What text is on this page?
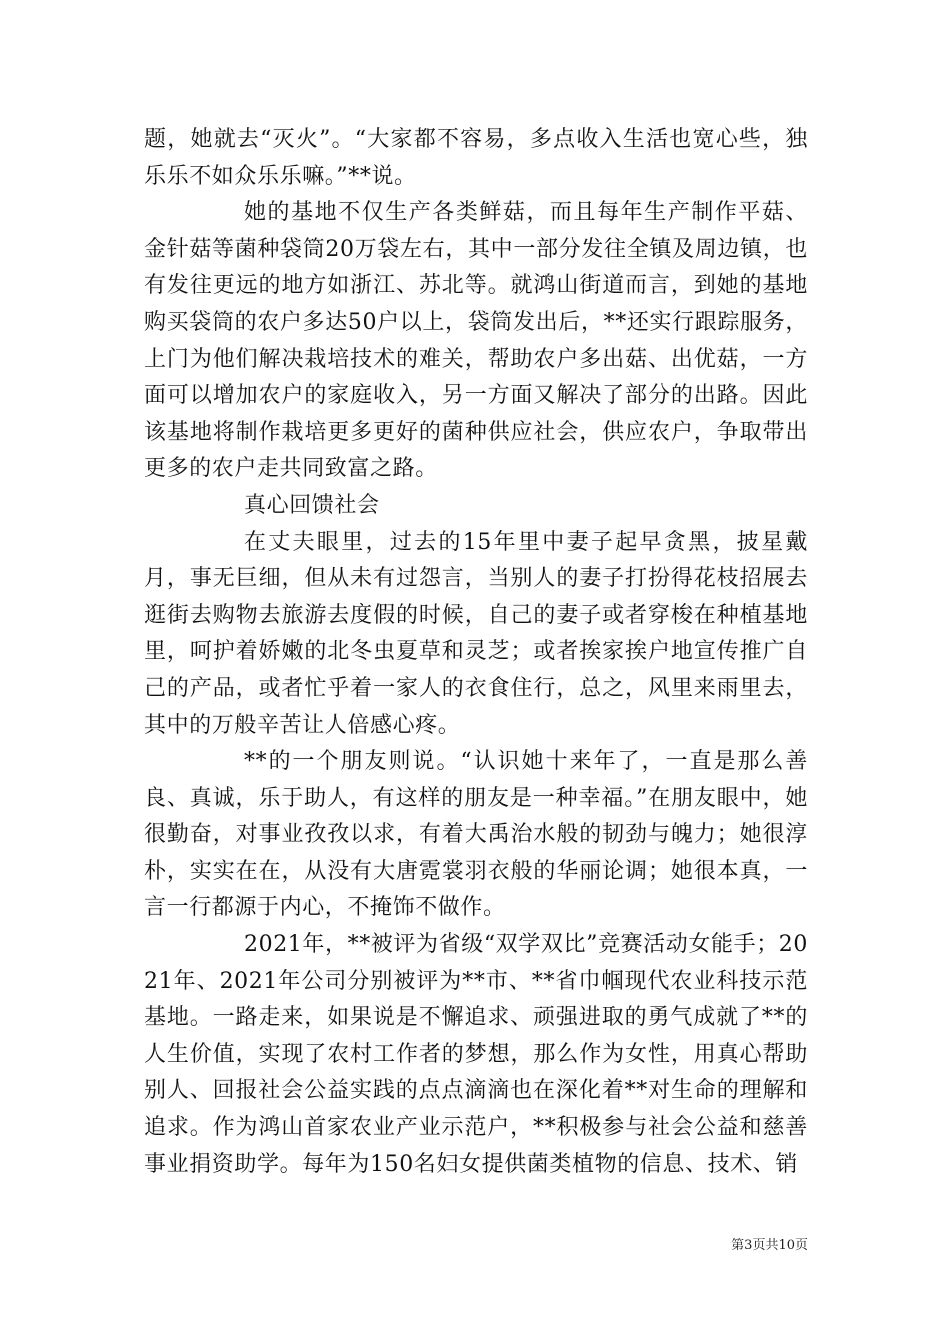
题，她就去“灭火”。“大家都不容易，多点收入生活也宽心些，独乐乐不如众乐乐嘛。”**说。

她的基地不仅生产各类鲜菇，而且每年生产制作平菇、金针菇等菌种袋筒20万袋左右，其中一部分发往全镇及周边镇，也有发往更远的地方如浙江、苏北等。就鸿山街道而言，到她的基地购买袋筒的农户多达50户以上，袋筒发出后，**还实行跟踪服务，上门为他们解决栽培技术的难关，帮助农户多出菇、出优菇，一方面可以增加农户的家庭收入，另一方面又解决了部分的出路。因此该基地将制作栽培更多更好的菌种供应社会，供应农户，争取带出更多的农户走共同致富之路。

真心回馈社会

在丈夫眼里，过去的15年里中妻子起早贪黑，披星戴月，事无巨细，但从未有过怨言，当别人的妻子打扮得花枝招展去逛街去购物去旅游去度假的时候，自己的妻子或者穿梭在种植基地里，呵护着娇嫩的北冬虫夏草和灵芝；或者挨家挨户地宣传推广自己的产品，或者忙乎着一家人的衣食住行，总之，风里来雨里去，其中的万般辛苦让人倍感心疼。

**的一个朋友则说。“认识她十来年了，一直是那么善良、真诚，乐于助人，有这样的朋友是一种幸福。”在朋友眼中，她很勤奋，对事业孜孜以求，有着大禹治水般的韧劲与魄力；她很淳朴，实实在在，从没有大唐霓裳羽衣般的华丽论调；她很本真，一言一行都源于内心，不掩饰不做作。

2021年，**被评为省级“双学双比”竞赛活动女能手；2021年、2021年公司分别被评为**市、**省巾帼现代农业科技示范基地。一路走来，如果说是不懈追求、顽强进取的勇气成就了**的人生价值，实现了农村工作者的梦想，那么作为女性，用真心帮助别人、回报社会公益实践的点点滴滴也在深化着**对生命的理解和追求。作为鸿山首家农业产业示范户，**积极参与社会公益和慈善事业捐资助学。每年为150名妇女提供菌类植物的信息、技术、销

第3页共10页
